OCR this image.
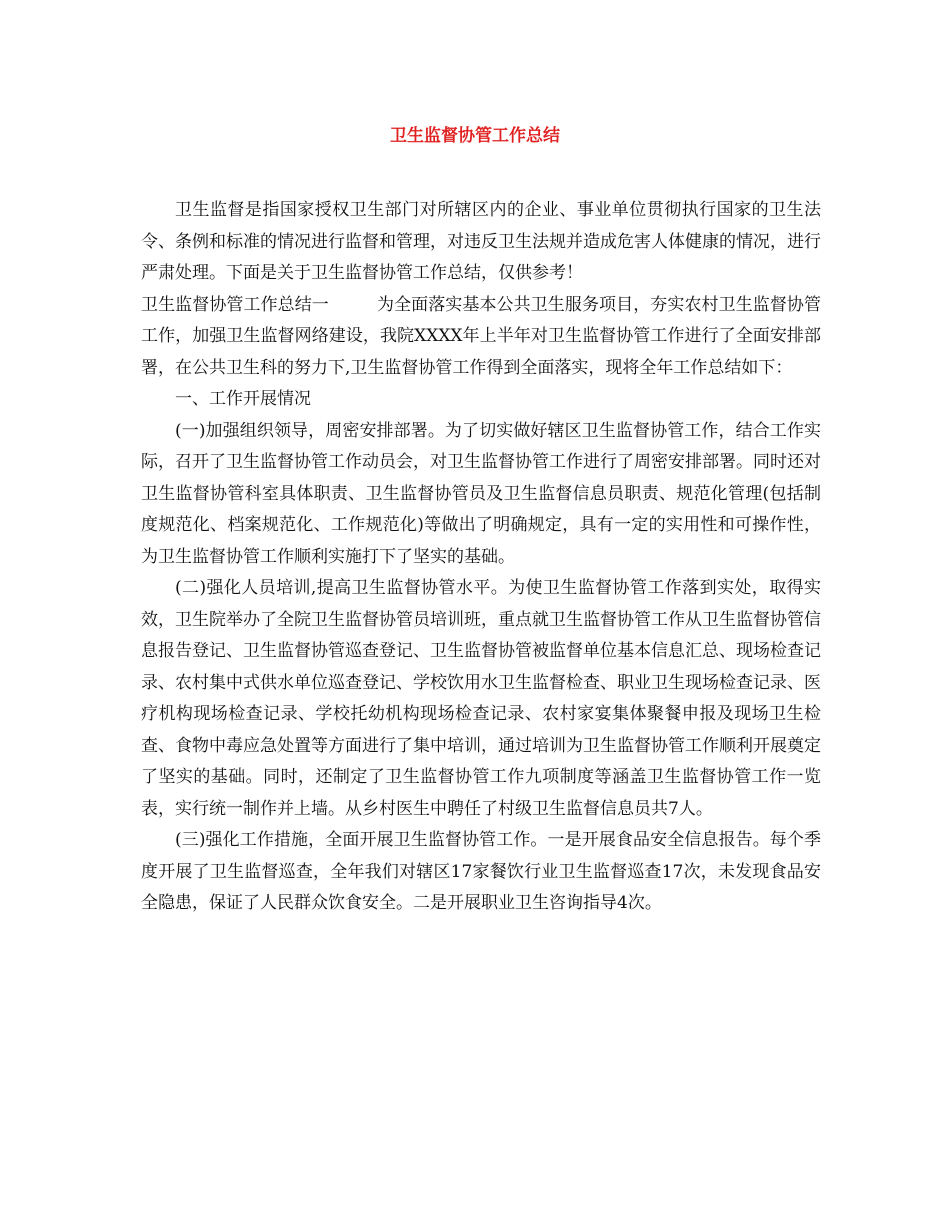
卫生监督协管工作总结

卫生监督是指国家授权卫生部门对所辖区内的企业、事业单位贯彻执行国家的卫生法令、条例和标准的情况进行监督和管理，对违反卫生法规并造成危害人体健康的情况，进行严肃处理。下面是关于卫生监督协管工作总结，仅供参考！

卫生监督协管工作总结一	为全面落实基本公共卫生服务项目，夯实农村卫生监督协管工作，加强卫生监督网络建设，我院XXXX年上半年对卫生监督协管工作进行了全面安排部署，在公共卫生科的努力下,卫生监督协管工作得到全面落实，现将全年工作总结如下：

一、工作开展情况

(一)加强组织领导，周密安排部署。为了切实做好辖区卫生监督协管工作，结合工作实际，召开了卫生监督协管工作动员会，对卫生监督协管工作进行了周密安排部署。同时还对卫生监督协管科室具体职责、卫生监督协管员及卫生监督信息员职责、规范化管理(包括制度规范化、档案规范化、工作规范化)等做出了明确规定，具有一定的实用性和可操作性，为卫生监督协管工作顺利实施打下了坚实的基础。

(二)强化人员培训,提高卫生监督协管水平。为使卫生监督协管工作落到实处，取得实效，卫生院举办了全院卫生监督协管员培训班，重点就卫生监督协管工作从卫生监督协管信息报告登记、卫生监督协管巡查登记、卫生监督协管被监督单位基本信息汇总、现场检查记录、农村集中式供水单位巡查登记、学校饮用水卫生监督检查、职业卫生现场检查记录、医疗机构现场检查记录、学校托幼机构现场检查记录、农村家宴集体聚餐申报及现场卫生检查、食物中毒应急处置等方面进行了集中培训，通过培训为卫生监督协管工作顺利开展奠定了坚实的基础。同时，还制定了卫生监督协管工作九项制度等涵盖卫生监督协管工作一览表，实行统一制作并上墙。从乡村医生中聘任了村级卫生监督信息员共7人。

(三)强化工作措施，全面开展卫生监督协管工作。一是开展食品安全信息报告。每个季度开展了卫生监督巡查，全年我们对辖区17家餐饮行业卫生监督巡查17次，未发现食品安全隐患，保证了人民群众饮食安全。二是开展职业卫生咨询指导4次。
